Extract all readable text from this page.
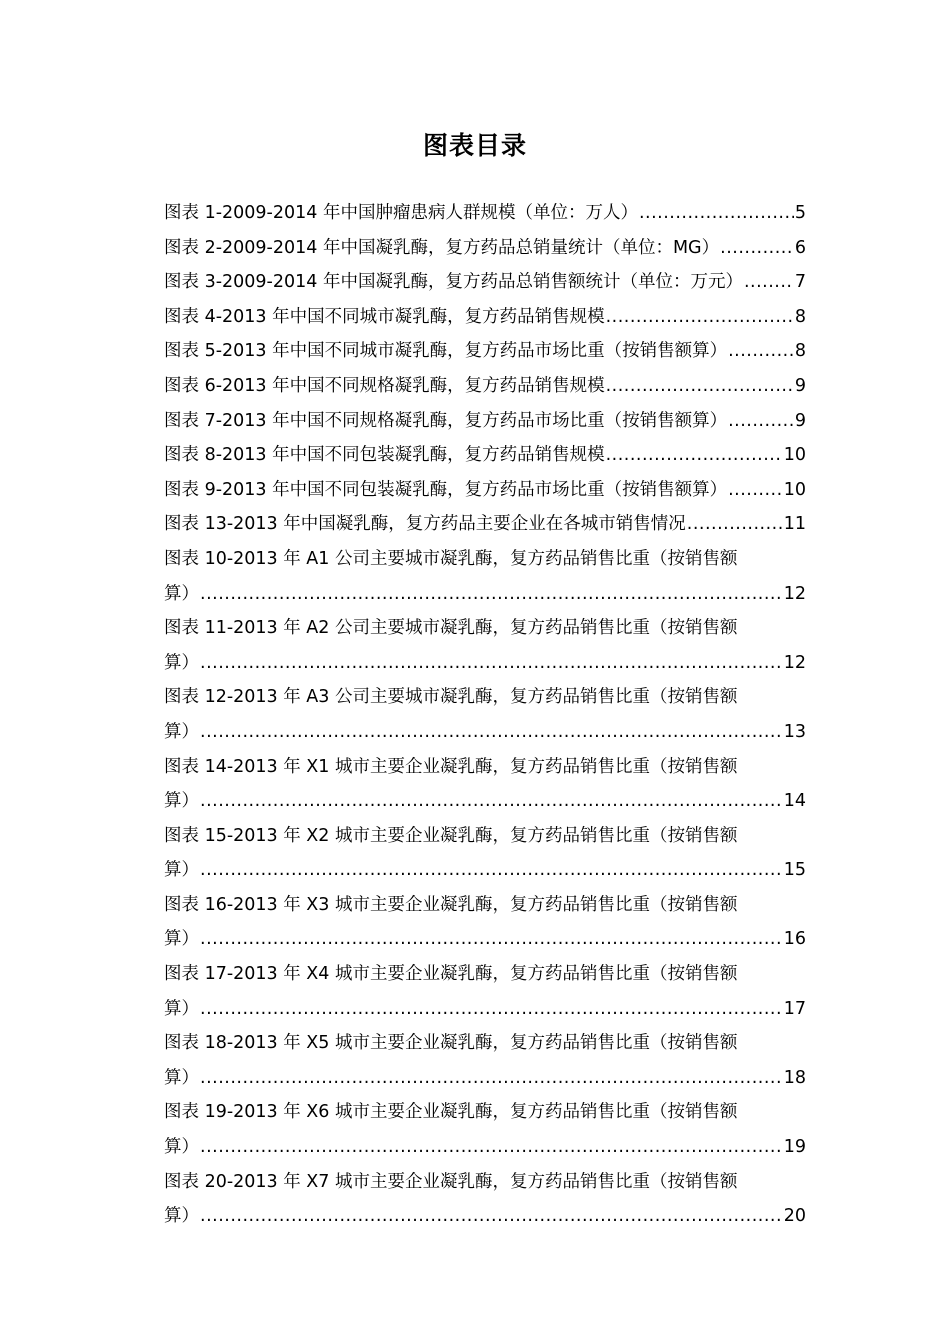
图表目录
图表 1-2009-2014 年中国肿瘤患病人群规模（单位：万人） .....	5
图表 2-2009-2014 年中国凝乳酶，复方药品总销量统计（单位：MG） .....	6
图表 3-2009-2014 年中国凝乳酶，复方药品总销售额统计（单位：万元） .....	7
图表 4-2013 年中国不同城市凝乳酶，复方药品销售规模 .....	8
图表 5-2013 年中国不同城市凝乳酶，复方药品市场比重（按销售额算） .....	8
图表 6-2013 年中国不同规格凝乳酶，复方药品销售规模 .....	9
图表 7-2013 年中国不同规格凝乳酶，复方药品市场比重（按销售额算） .....	9
图表 8-2013 年中国不同包装凝乳酶，复方药品销售规模 .....	10
图表 9-2013 年中国不同包装凝乳酶，复方药品市场比重（按销售额算） .....	10
图表 13-2013 年中国凝乳酶，复方药品主要企业在各城市销售情况 .....	11
图表 10-2013 年 A1 公司主要城市凝乳酶，复方药品销售比重（按销售额
算） .....	12
图表 11-2013 年 A2 公司主要城市凝乳酶，复方药品销售比重（按销售额
算） .....	12
图表 12-2013 年 A3 公司主要城市凝乳酶，复方药品销售比重（按销售额
算） .....	13
图表 14-2013 年 X1 城市主要企业凝乳酶，复方药品销售比重（按销售额
算） .....	14
图表 15-2013 年 X2 城市主要企业凝乳酶，复方药品销售比重（按销售额
算） .....	15
图表 16-2013 年 X3 城市主要企业凝乳酶，复方药品销售比重（按销售额
算） .....	16
图表 17-2013 年 X4 城市主要企业凝乳酶，复方药品销售比重（按销售额
算） .....	17
图表 18-2013 年 X5 城市主要企业凝乳酶，复方药品销售比重（按销售额
算） .....	18
图表 19-2013 年 X6 城市主要企业凝乳酶，复方药品销售比重（按销售额
算） .....	19
图表 20-2013 年 X7 城市主要企业凝乳酶，复方药品销售比重（按销售额
算） .....	20
